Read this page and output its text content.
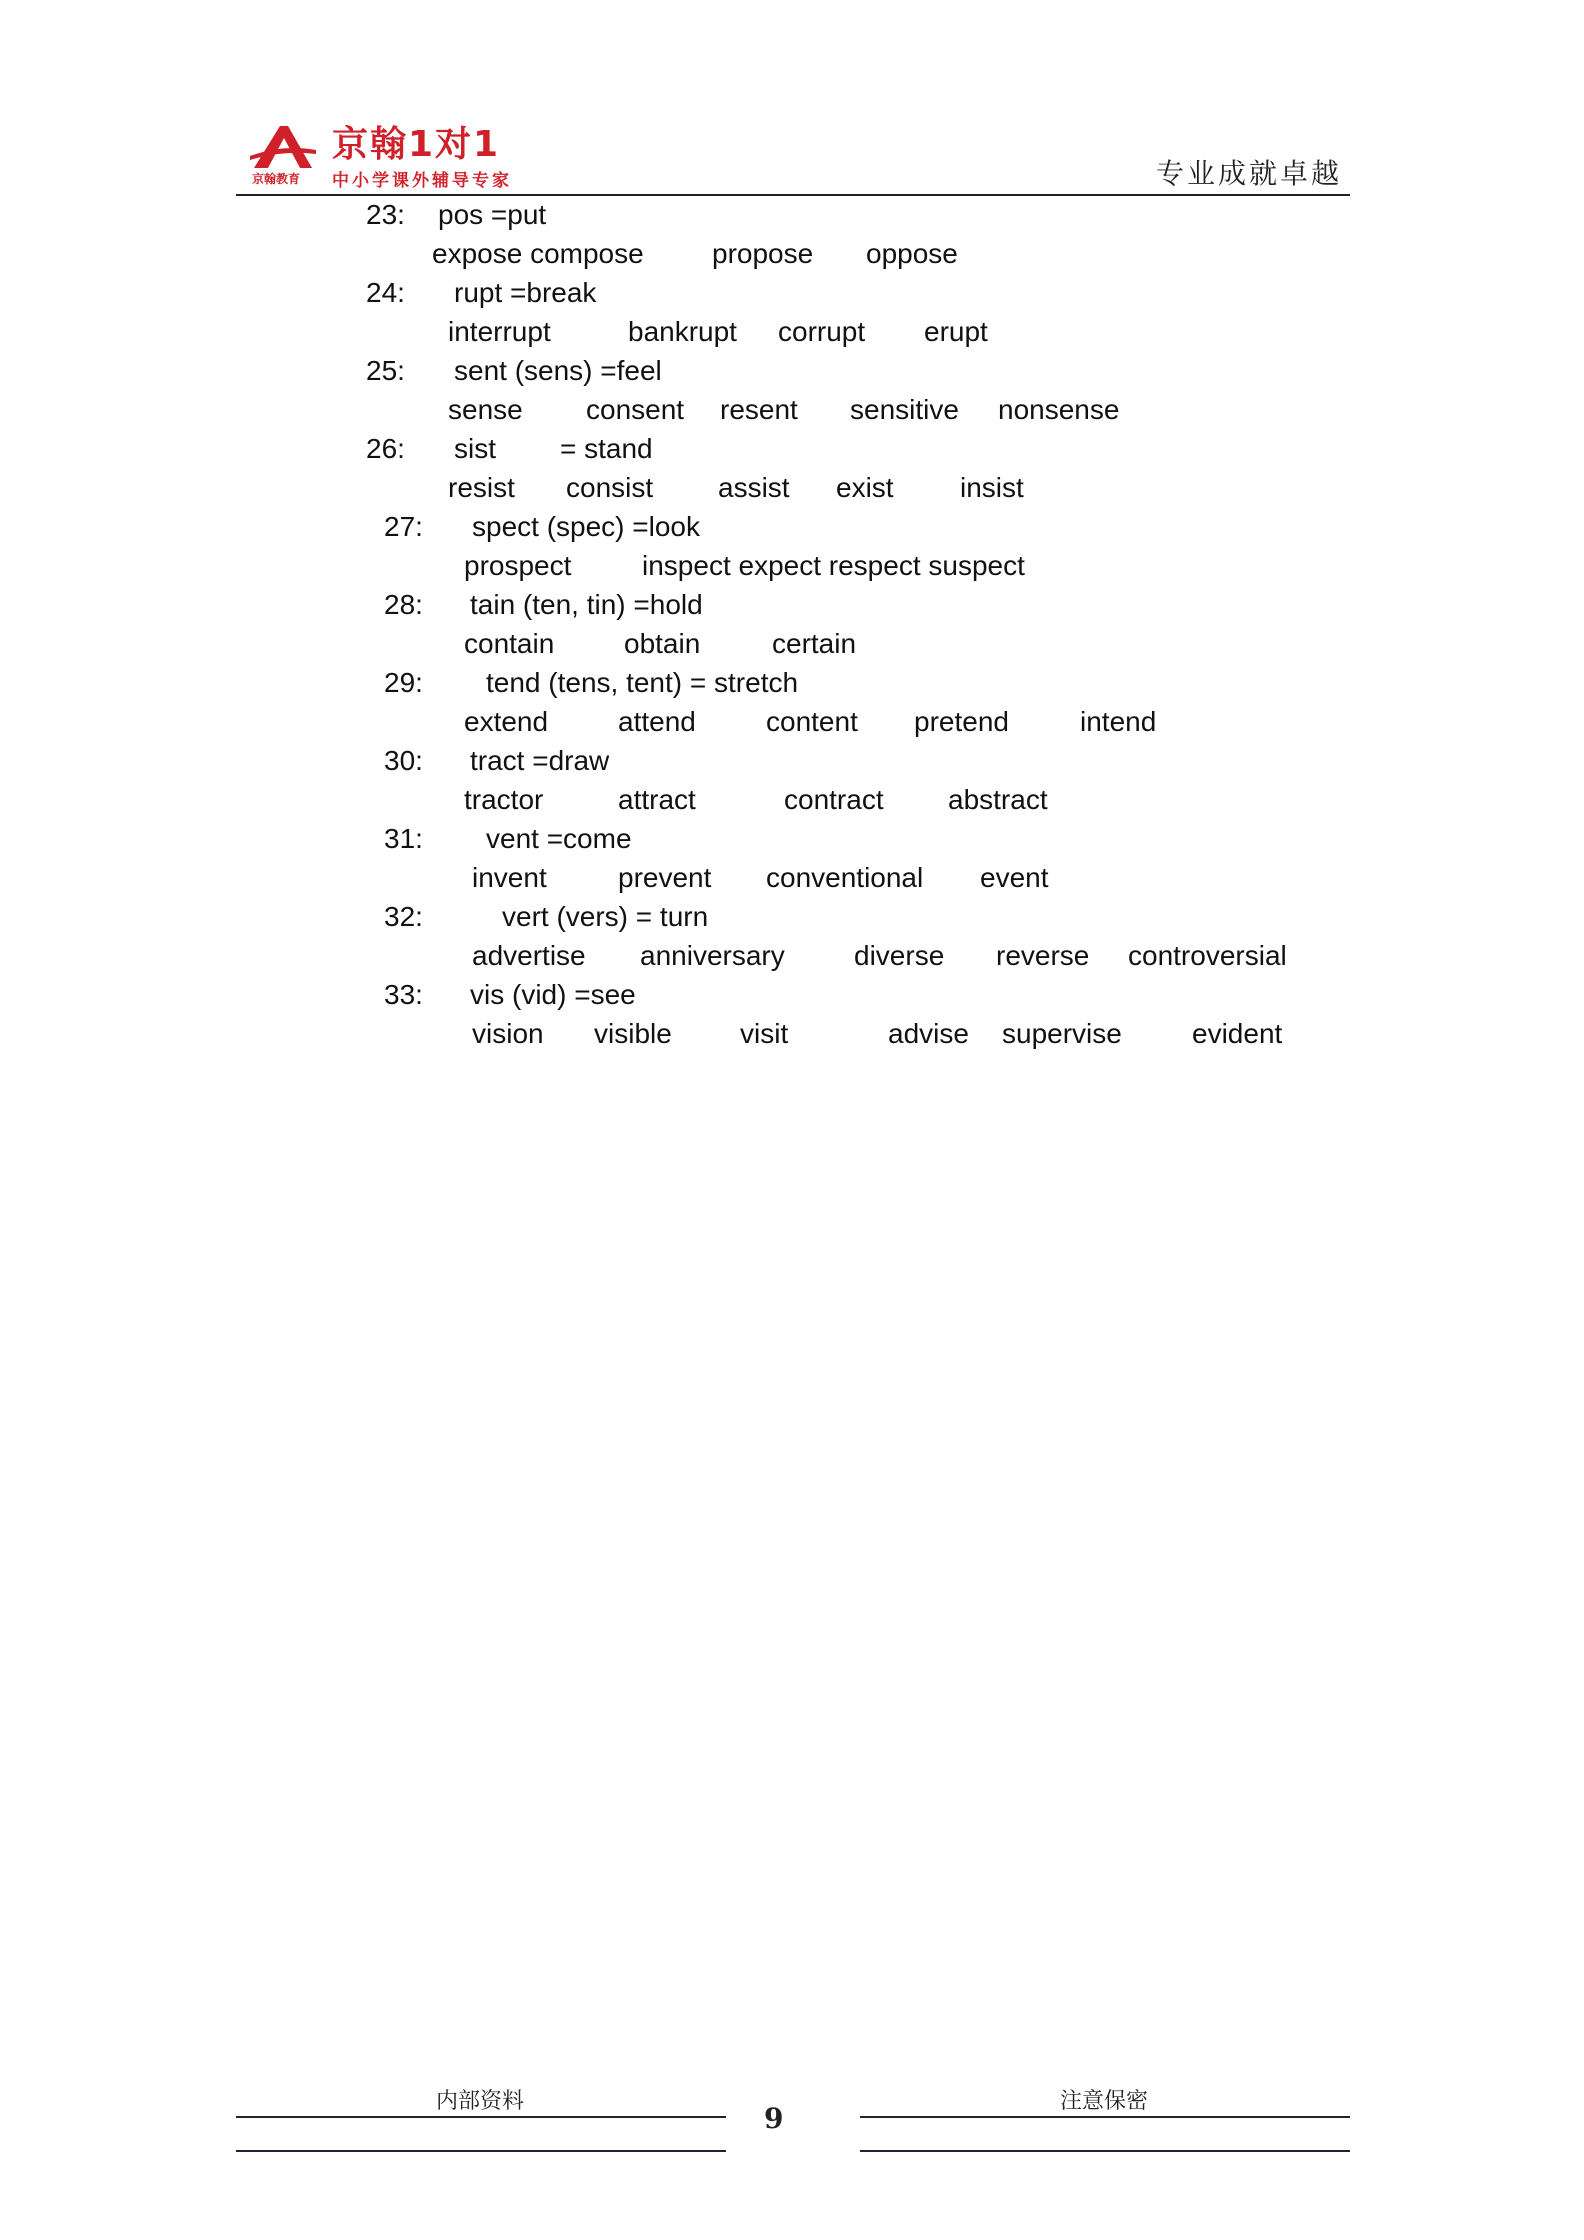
京翰1对1
京翰教育 中小学课外辅导专家	专业成就卓越
23: pos =put
expose compose propose oppose
24: rupt =break
interrupt	bankrupt corrupt erupt
25: sent (sens) =feel
sense consent resent sensitive nonsense
26: sist = stand
resist consist assist exist insist
27: spect (spec) =look
prospect	inspect expect respect suspect
28: tain (ten, tin) =hold
contain obtain	certain
29: tend (tens, tent) = stretch
extend attend	content pretend	intend
30: tract =draw
tractor	attract	contract abstract
31: vent =come
invent	prevent conventional event
32:	vert (vers) = turn
advertise anniversary diverse reverse controversial
33: vis (vid) =see
vision visible visit	advise supervise	evident
内部资料
9
注意保密
